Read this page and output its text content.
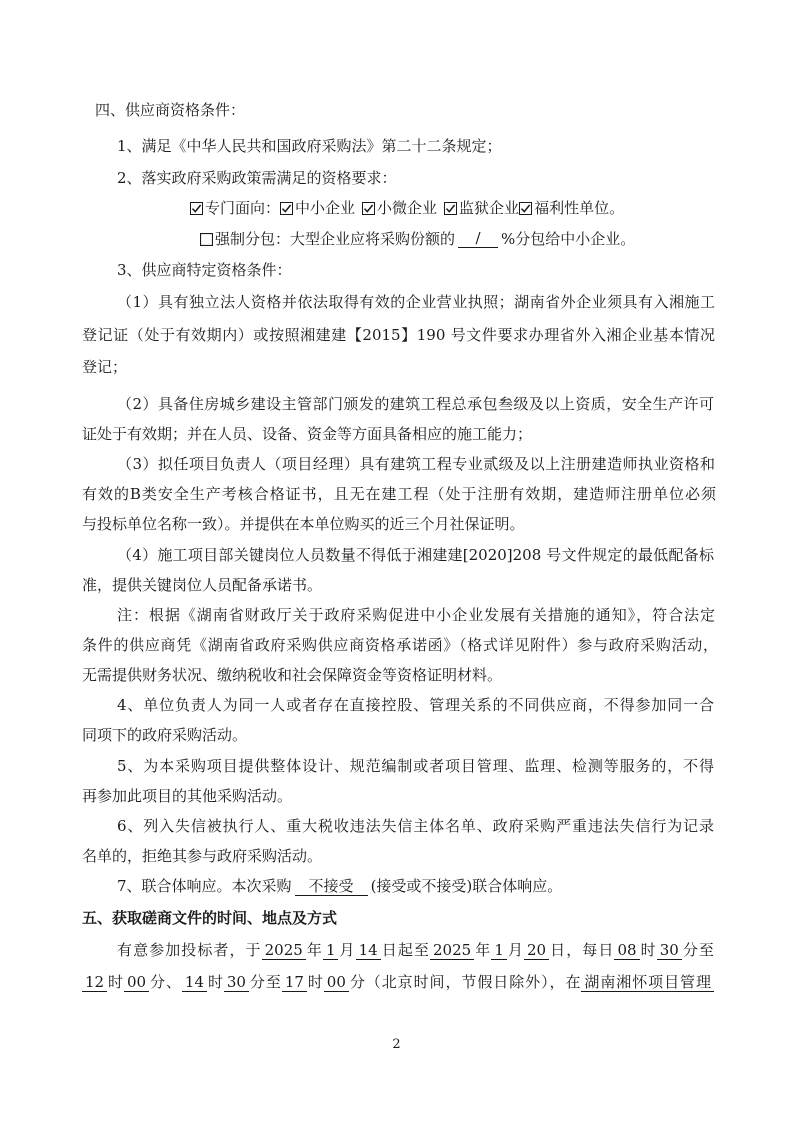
四、供应商资格条件：
1、满足《中华人民共和国政府采购法》第二十二条规定；
2、落实政府采购政策需满足的资格要求：
专门面向： 中小企业 小微企业 监狱企业 福利性单位。
强制分包：大型企业应将采购份额的	/	%分包给中小企业。
3、供应商特定资格条件：
（1）具有独立法人资格并依法取得有效的企业营业执照；湖南省外企业须具有入湘施工
登记证（处于有效期内）或按照湘建建【2015】190 号文件要求办理省外入湘企业基本情况
登记；
（2）具备住房城乡建设主管部门颁发的建筑工程总承包叁级及以上资质，安全生产许可
证处于有效期；并在人员、设备、资金等方面具备相应的施工能力；
（3）拟任项目负责人（项目经理）具有建筑工程专业贰级及以上注册建造师执业资格和
有效的B类安全生产考核合格证书，且无在建工程（处于注册有效期，建造师注册单位必须
与投标单位名称一致）。并提供在本单位购买的近三个月社保证明。
（4）施工项目部关键岗位人员数量不得低于湘建建[2020]208 号文件规定的最低配备标
准，提供关键岗位人员配备承诺书。
注：根据《湖南省财政厅关于政府采购促进中小企业发展有关措施的通知》，符合法定
条件的供应商凭《湖南省政府采购供应商资格承诺函》（格式详见附件）参与政府采购活动，
无需提供财务状况、缴纳税收和社会保障资金等资格证明材料。
4、单位负责人为同一人或者存在直接控股、管理关系的不同供应商，不得参加同一合
同项下的政府采购活动。
5、为本采购项目提供整体设计、规范编制或者项目管理、监理、检测等服务的，不得
再参加此项目的其他采购活动。
6、列入失信被执行人、重大税收违法失信主体名单、政府采购严重违法失信行为记录
名单的，拒绝其参与政府采购活动。
7、联合体响应。本次采购 不接受 (接受或不接受)联合体响应。
五、获取磋商文件的时间、地点及方式
有意参加投标者，于 2025 年 1 月 14 日起至 2025 年 1 月 20 日，每日 08 时 30 分至
12 时 00 分、 14 时 30 分至 17 时 00 分（北京时间，节假日除外），在 湖南湘怀项目管理
2
